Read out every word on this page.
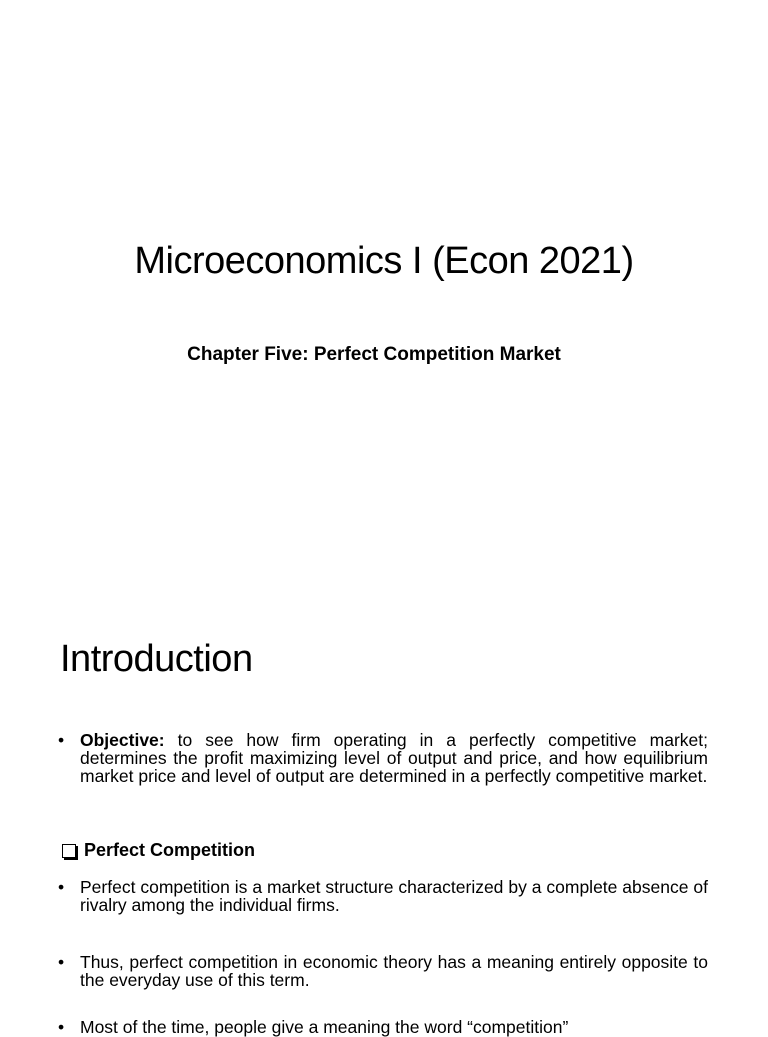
Microeconomics I (Econ 2021)
Chapter Five: Perfect Competition Market
Introduction
• Objective: to see how firm operating in a perfectly competitive market; determines the profit maximizing level of output and price, and how equilibrium market price and level of output are determined in a perfectly competitive market.
Perfect Competition
• Perfect competition is a market structure characterized by a complete absence of rivalry among the individual firms.
• Thus, perfect competition in economic theory has a meaning entirely opposite to the everyday use of this term.
• Most of the time, people give a meaning the word “competition”
